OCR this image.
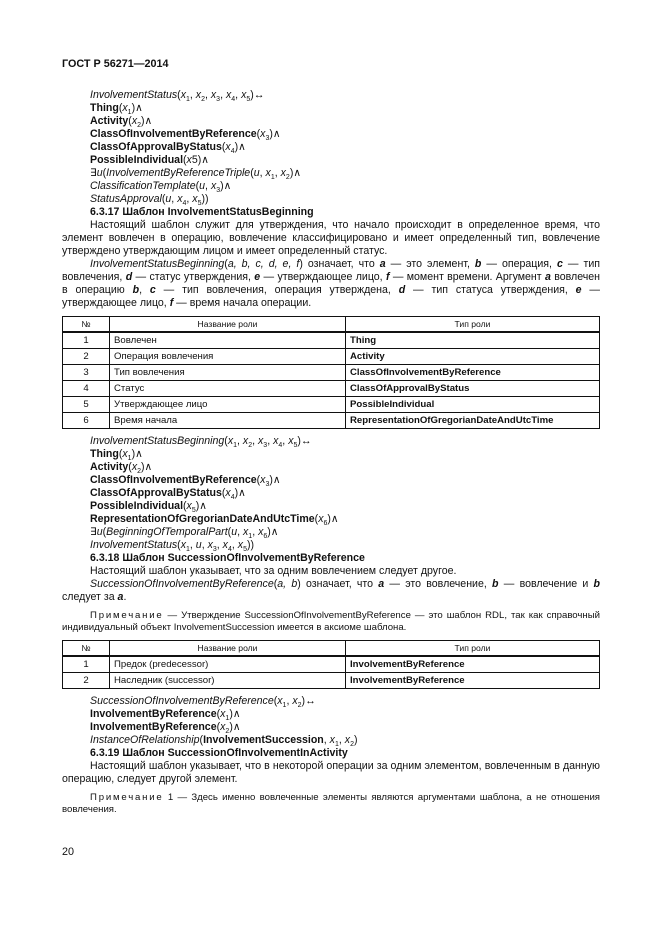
ГОСТ Р 56271—2014
$InvolvementStatus(x_1$, $x_2$, $x_3$, $x_4$, $x_5)\leftrightarrow$
$Thing(x_1)\wedge$
$Activity(x_2)\wedge$
$ClassOfInvolvementByReference(x_3)\wedge$
$ClassOfApprovalByStatus(x_4)\wedge$
PossibleIndividual(x5)∧
∃u(InvolvementByReferenceTriple(u, $x_1$, $x_2)\wedge$
ClassificationTemplate(u, $x_3)\wedge$
StatusApproval(u, $x_4$, $x_5$))
6.3.17 Шаблон InvolvementStatusBeginning
Настоящий шаблон служит для утверждения, что начало происходит в определенное время, что элемент вовлечен в операцию, вовлечение классифицировано и имеет определенный тип, вовлечение утверждено утверждающим лицом и имеет определенный статус.
InvolvementStatusBeginning(a, b, c, d, e, f) означает, что a — это элемент, b — операция, c — тип вовлечения, d — статус утверждения, e — утверждающее лицо, f — момент времени. Аргумент a вовлечен в операцию b, c — тип вовлечения, операция утверждена, d — тип статуса утверждения, e — утверждающее лицо, f — время начала операции.
№	Название роли	Тип роли
1	Вовлечен	Thing
2	Операция вовлечения	Activity
3	Тип вовлечения	ClassOfInvolvementByReference
4	Статус	ClassOfApprovalByStatus
5	Утверждающее лицо	PossibleIndividual
6	Время начала	RepresentationOfGregorianDateAndUtcTime
$InvolvementStatusBeginning(x_1$, $x_2$, $x_3$, $x_4$, $x_5)\leftrightarrow$
$Thing(x_1)\wedge$
$Activity(x_2)\wedge$
$ClassOfInvolvementByReference(x_3)\wedge$
$ClassOfApprovalByStatus(x_4)\wedge$
$PossibleIndividual(x_5)\wedge$
$RepresentationOfGregorianDateAndUtcTime(x_6)\wedge$
∃u(BeginningOfTemporalPart(u, $x_1$, $x_6)\wedge$
$InvolvementStatus(x_1$, u, $x_3$, $x_4$, $x_5$))
6.3.18 Шаблон SuccessionOfInvolvementByReference
Настоящий шаблон указывает, что за одним вовлечением следует другое.
SuccessionOfInvolvementByReference(a, b) означает, что a — это вовлечение, b — вовлечение и b следует за a.
Примечание — Утверждение SuccessionOfInvolvementByReference — это шаблон RDL, так как справочный индивидуальный объект InvolvementSuccession имеется в аксиоме шаблона.
№	Название роли	Тип роли
1	Предок (predecessor)	InvolvementByReference
2	Наследник (successor)	InvolvementByReference
$SuccessionOfInvolvementByReference(x_1$, $x_2)\leftrightarrow$
$InvolvementByReference(x_1)\wedge$
$InvolvementByReference(x_2)\wedge$
InstanceOfRelationship(InvolvementSuccession, $x_1$, $x_2$)
6.3.19 Шаблон SuccessionOfInvolvementInActivity
Настоящий шаблон указывает, что в некоторой операции за одним элементом, вовлеченным в данную операцию, следует другой элемент.
Примечание 1 — Здесь именно вовлеченные элементы являются аргументами шаблона, а не отношения вовлечения.
20
